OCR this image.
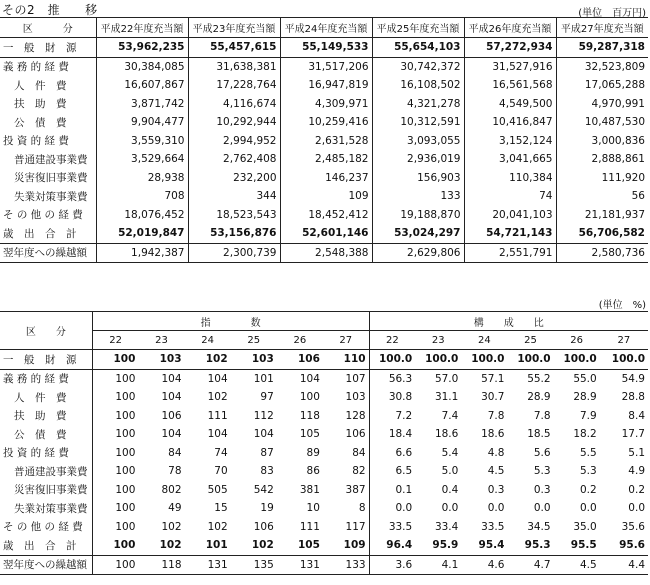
その2　推　　移	(単位　百万円)
区　　　分	平成22年度充当額	平成23年度充当額	平成24年度充当額	平成25年度充当額	平成26年度充当額	平成27年度充当額
一　般　財　源	53,962,235	55,457,615	55,149,533	55,654,103	57,272,934	59,287,318
義 務 的 経 費	30,384,085	31,638,381	31,517,206	30,742,372	31,527,916	32,523,809
人　件　費	16,607,867	17,228,764	16,947,819	16,108,502	16,561,568	17,065,288
扶　助　費	3,871,742	4,116,674	4,309,971	4,321,278	4,549,500	4,970,991
公　債　費	9,904,477	10,292,944	10,259,416	10,312,591	10,416,847	10,487,530
投 資 的 経 費	3,559,310	2,994,952	2,631,528	3,093,055	3,152,124	3,000,836
普通建設事業費	3,529,664	2,762,408	2,485,182	2,936,019	3,041,665	2,888,861
災害復旧事業費	28,938	232,200	146,237	156,903	110,384	111,920
失業対策事業費	708	344	109	133	74	56
そ の 他 の 経 費	18,076,452	18,523,543	18,452,412	19,188,870	20,041,103	21,181,937
歳　出　合　計	52,019,847	53,156,876	52,601,146	53,024,297	54,721,143	56,706,582
翌年度への繰越額	1,942,387	2,300,739	2,548,388	2,629,806	2,551,791	2,580,736
(単位　%)
区　　分	指　　　　数						構　　成　　比					
	22	23	24	25	26	27	22	23	24	25	26	27
一　般　財　源	100	103	102	103	106	110	100.0	100.0	100.0	100.0	100.0	100.0
義 務 的 経 費	100	104	104	101	104	107	56.3	57.0	57.1	55.2	55.0	54.9
人　件　費	100	104	102	97	100	103	30.8	31.1	30.7	28.9	28.9	28.8
扶　助　費	100	106	111	112	118	128	7.2	7.4	7.8	7.8	7.9	8.4
公　債　費	100	104	104	104	105	106	18.4	18.6	18.6	18.5	18.2	17.7
投 資 的 経 費	100	84	74	87	89	84	6.6	5.4	4.8	5.6	5.5	5.1
普通建設事業費	100	78	70	83	86	82	6.5	5.0	4.5	5.3	5.3	4.9
災害復旧事業費	100	802	505	542	381	387	0.1	0.4	0.3	0.3	0.2	0.2
失業対策事業費	100	49	15	19	10	8	0.0	0.0	0.0	0.0	0.0	0.0
そ の 他 の 経 費	100	102	102	106	111	117	33.5	33.4	33.5	34.5	35.0	35.6
歳　出　合　計	100	102	101	102	105	109	96.4	95.9	95.4	95.3	95.5	95.6
翌年度への繰越額	100	118	131	135	131	133	3.6	4.1	4.6	4.7	4.5	4.4
